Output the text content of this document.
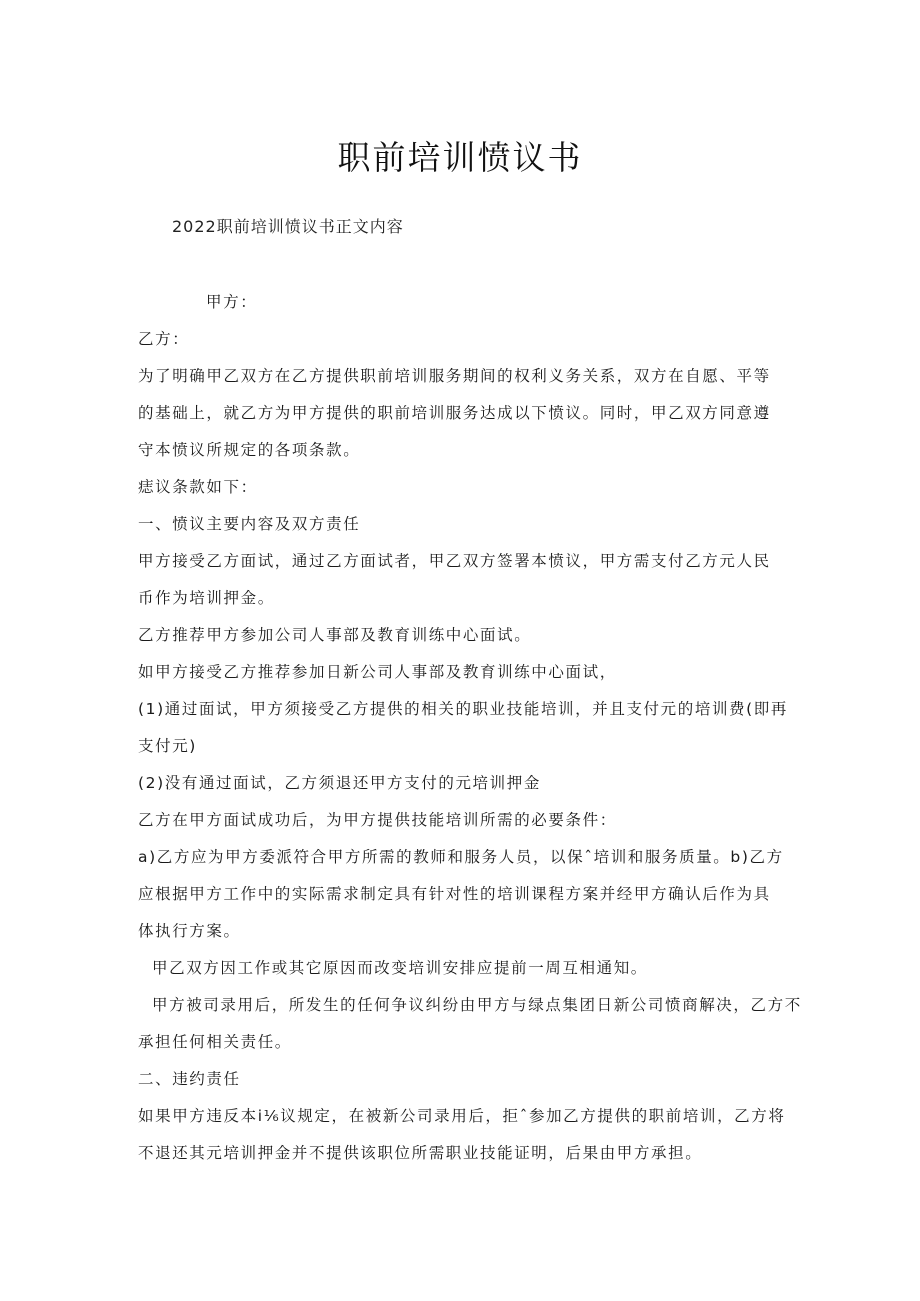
职前培训愤议书
2022职前培训愤议书正文内容

甲方：

乙方：

为了明确甲乙双方在乙方提供职前培训服务期间的权利义务关系，双方在自愿、平等

的基础上，就乙方为甲方提供的职前培训服务达成以下愤议。同时，甲乙双方同意遵

守本愤议所规定的各项条款。

痣议条款如下：

一、愤议主要内容及双方责任

甲方接受乙方面试，通过乙方面试者，甲乙双方签署本愤议，甲方需支付乙方元人民

币作为培训押金。

乙方推荐甲方参加公司人事部及教育训练中心面试。

如甲方接受乙方推荐参加日新公司人事部及教育训练中心面试，

(1)通过面试，甲方须接受乙方提供的相关的职业技能培训，并且支付元的培训费(即再

支付元)

(2)没有通过面试，乙方须退还甲方支付的元培训押金

乙方在甲方面试成功后，为甲方提供技能培训所需的必要条件：

a)乙方应为甲方委派符合甲方所需的教师和服务人员，以保ˆ培训和服务质量。b)乙方

应根据甲方工作中的实际需求制定具有针对性的培训课程方案并经甲方确认后作为具

体执行方案。

甲乙双方因工作或其它原因而改变培训安排应提前一周互相通知。

甲方被司录用后，所发生的任何争议纠纷由甲方与绿点集团日新公司愤商解决，乙方不

承担任何相关责任。

二、违约责任

如果甲方违反本i⅙议规定，在被新公司录用后，拒ˆ参加乙方提供的职前培训，乙方将

不退还其元培训押金并不提供该职位所需职业技能证明，后果由甲方承担。
